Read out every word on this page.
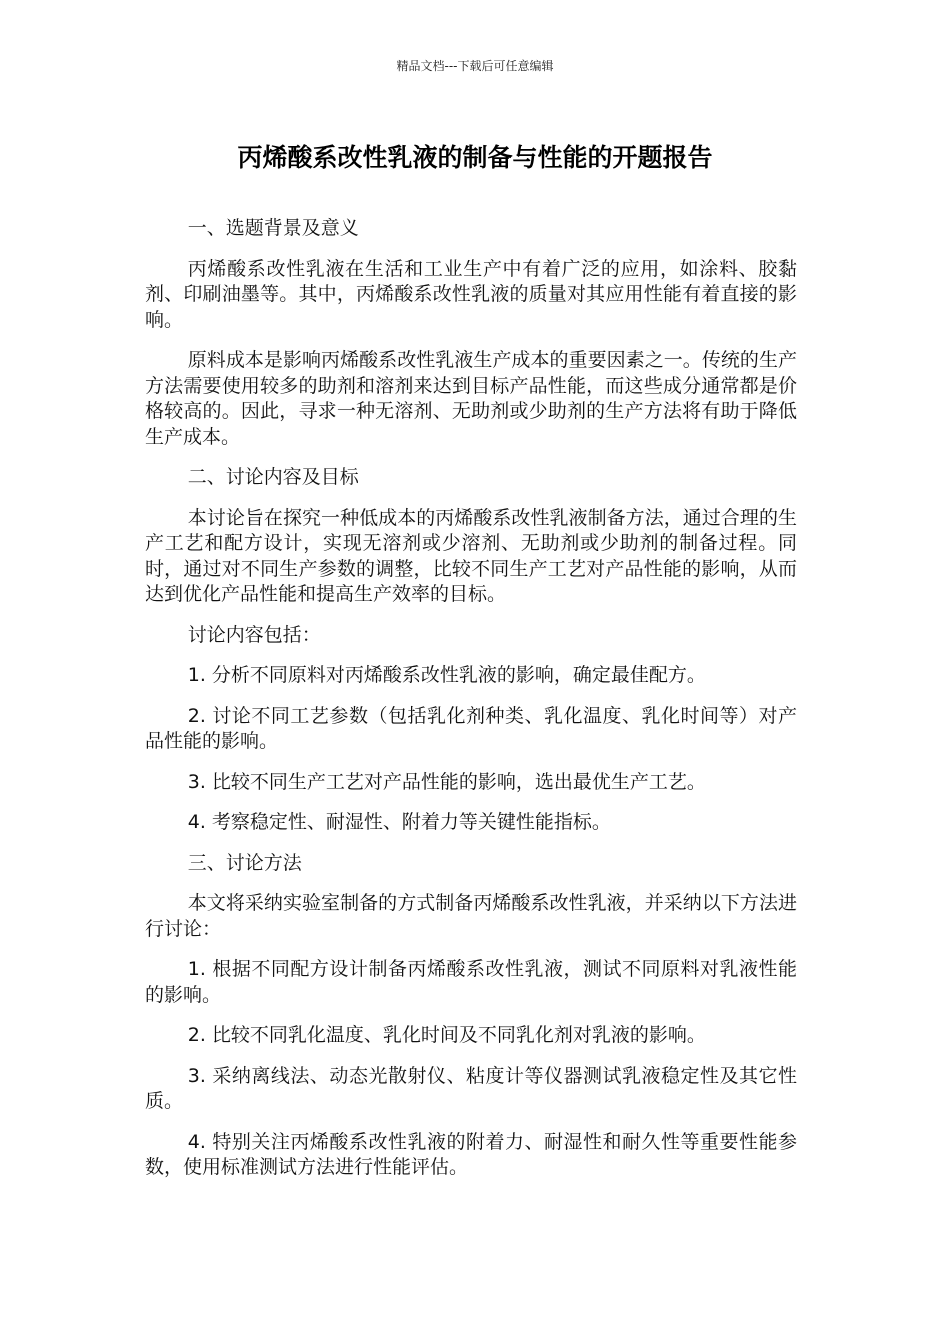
精品文档---下载后可任意编辑
丙烯酸系改性乳液的制备与性能的开题报告

一、选题背景及意义

丙烯酸系改性乳液在生活和工业生产中有着广泛的应用，如涂料、胶黏剂、印刷油墨等。其中，丙烯酸系改性乳液的质量对其应用性能有着直接的影响。

原料成本是影响丙烯酸系改性乳液生产成本的重要因素之一。传统的生产方法需要使用较多的助剂和溶剂来达到目标产品性能，而这些成分通常都是价格较高的。因此，寻求一种无溶剂、无助剂或少助剂的生产方法将有助于降低生产成本。

二、讨论内容及目标

本讨论旨在探究一种低成本的丙烯酸系改性乳液制备方法，通过合理的生产工艺和配方设计，实现无溶剂或少溶剂、无助剂或少助剂的制备过程。同时，通过对不同生产参数的调整，比较不同生产工艺对产品性能的影响，从而达到优化产品性能和提高生产效率的目标。

讨论内容包括：

1. 分析不同原料对丙烯酸系改性乳液的影响，确定最佳配方。

2. 讨论不同工艺参数（包括乳化剂种类、乳化温度、乳化时间等）对产品性能的影响。

3. 比较不同生产工艺对产品性能的影响，选出最优生产工艺。

4. 考察稳定性、耐湿性、附着力等关键性能指标。

三、讨论方法

本文将采纳实验室制备的方式制备丙烯酸系改性乳液，并采纳以下方法进行讨论：

1. 根据不同配方设计制备丙烯酸系改性乳液，测试不同原料对乳液性能的影响。

2. 比较不同乳化温度、乳化时间及不同乳化剂对乳液的影响。

3. 采纳离线法、动态光散射仪、粘度计等仪器测试乳液稳定性及其它性质。

4. 特别关注丙烯酸系改性乳液的附着力、耐湿性和耐久性等重要性能参数，使用标准测试方法进行性能评估。
